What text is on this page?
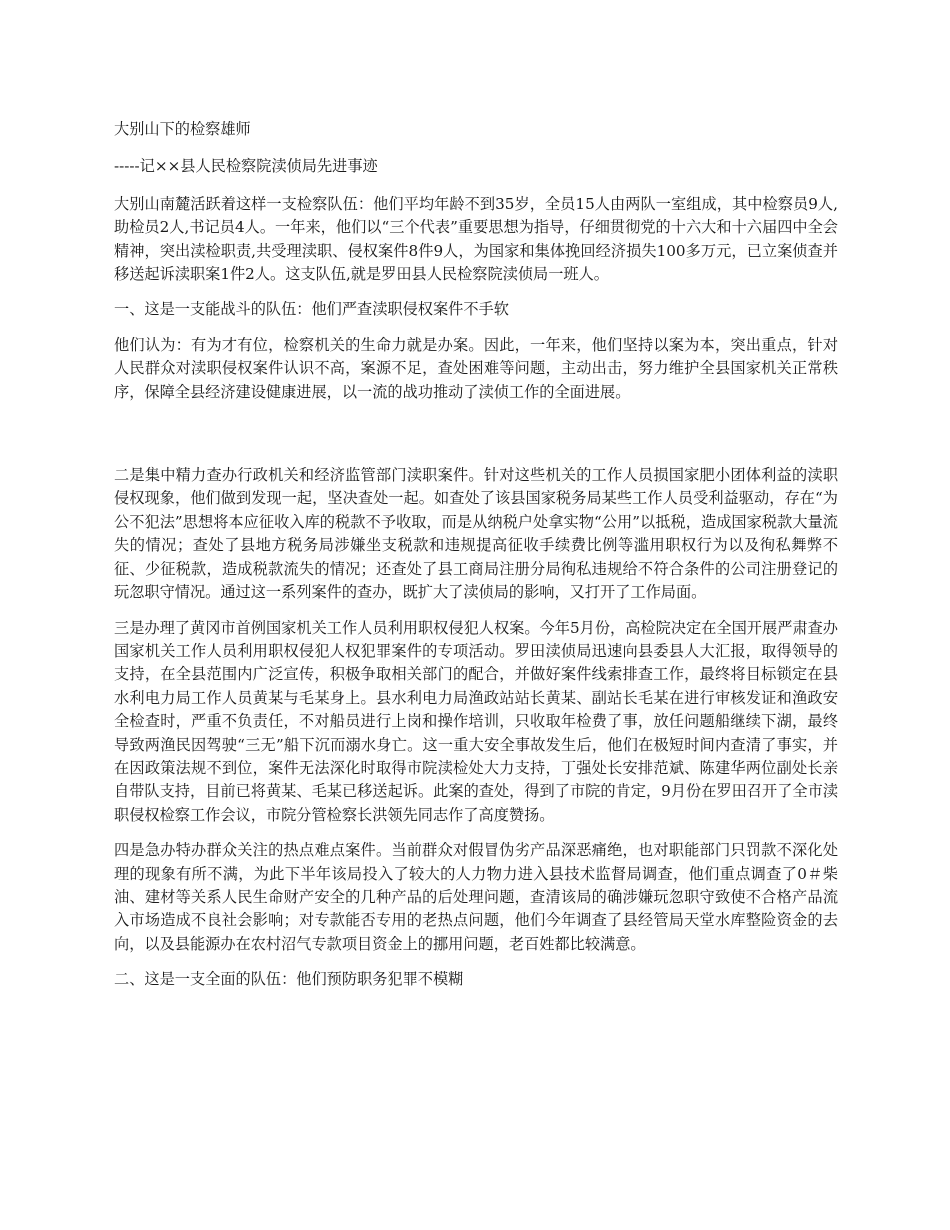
大别山下的检察雄师

-----记××县人民检察院渎侦局先进事迹

大别山南麓活跃着这样一支检察队伍：他们平均年龄不到35岁，全员15人由两队一室组成，其中检察员9人,助检员2人,书记员4人。一年来，他们以“三个代表”重要思想为指导，仔细贯彻党的十六大和十六届四中全会精神，突出渎检职责,共受理渎职、侵权案件8件9人，为国家和集体挽回经济损失100多万元，已立案侦查并移送起诉渎职案1件2人。这支队伍,就是罗田县人民检察院渎侦局一班人。

一、这是一支能战斗的队伍：他们严查渎职侵权案件不手软

他们认为：有为才有位，检察机关的生命力就是办案。因此，一年来，他们坚持以案为本，突出重点，针对人民群众对渎职侵权案件认识不高，案源不足，查处困难等问题，主动出击，努力维护全县国家机关正常秩序，保障全县经济建设健康进展，以一流的战功推动了渎侦工作的全面进展。

二是集中精力查办行政机关和经济监管部门渎职案件。针对这些机关的工作人员损国家肥小团体利益的渎职侵权现象，他们做到发现一起，坚决查处一起。如查处了该县国家税务局某些工作人员受利益驱动，存在“为公不犯法”思想将本应征收入库的税款不予收取，而是从纳税户处拿实物“公用”以抵税，造成国家税款大量流失的情况；查处了县地方税务局涉嫌坐支税款和违规提高征收手续费比例等滥用职权行为以及徇私舞弊不征、少征税款，造成税款流失的情况；还查处了县工商局注册分局徇私违规给不符合条件的公司注册登记的玩忽职守情况。通过这一系列案件的查办，既扩大了渎侦局的影响，又打开了工作局面。

三是办理了黄冈市首例国家机关工作人员利用职权侵犯人权案。今年5月份，高检院决定在全国开展严肃查办国家机关工作人员利用职权侵犯人权犯罪案件的专项活动。罗田渎侦局迅速向县委县人大汇报，取得领导的支持，在全县范围内广泛宣传，积极争取相关部门的配合，并做好案件线索排查工作，最终将目标锁定在县水利电力局工作人员黄某与毛某身上。县水利电力局渔政站站长黄某、副站长毛某在进行审核发证和渔政安全检查时，严重不负责任，不对船员进行上岗和操作培训，只收取年检费了事，放任问题船继续下湖，最终导致两渔民因驾驶“三无”船下沉而溺水身亡。这一重大安全事故发生后，他们在极短时间内查清了事实，并在因政策法规不到位，案件无法深化时取得市院渎检处大力支持，丁强处长安排范斌、陈建华两位副处长亲自带队支持，目前已将黄某、毛某已移送起诉。此案的查处，得到了市院的肯定，9月份在罗田召开了全市渎职侵权检察工作会议，市院分管检察长洪领先同志作了高度赞扬。

四是急办特办群众关注的热点难点案件。当前群众对假冒伪劣产品深恶痛绝，也对职能部门只罚款不深化处理的现象有所不满，为此下半年该局投入了较大的人力物力进入县技术监督局调查，他们重点调查了0＃柴油、建材等关系人民生命财产安全的几种产品的后处理问题，查清该局的确涉嫌玩忽职守致使不合格产品流入市场造成不良社会影响；对专款能否专用的老热点问题，他们今年调查了县经管局天堂水库整险资金的去向，以及县能源办在农村沼气专款项目资金上的挪用问题，老百姓都比较满意。

二、这是一支全面的队伍：他们预防职务犯罪不模糊
